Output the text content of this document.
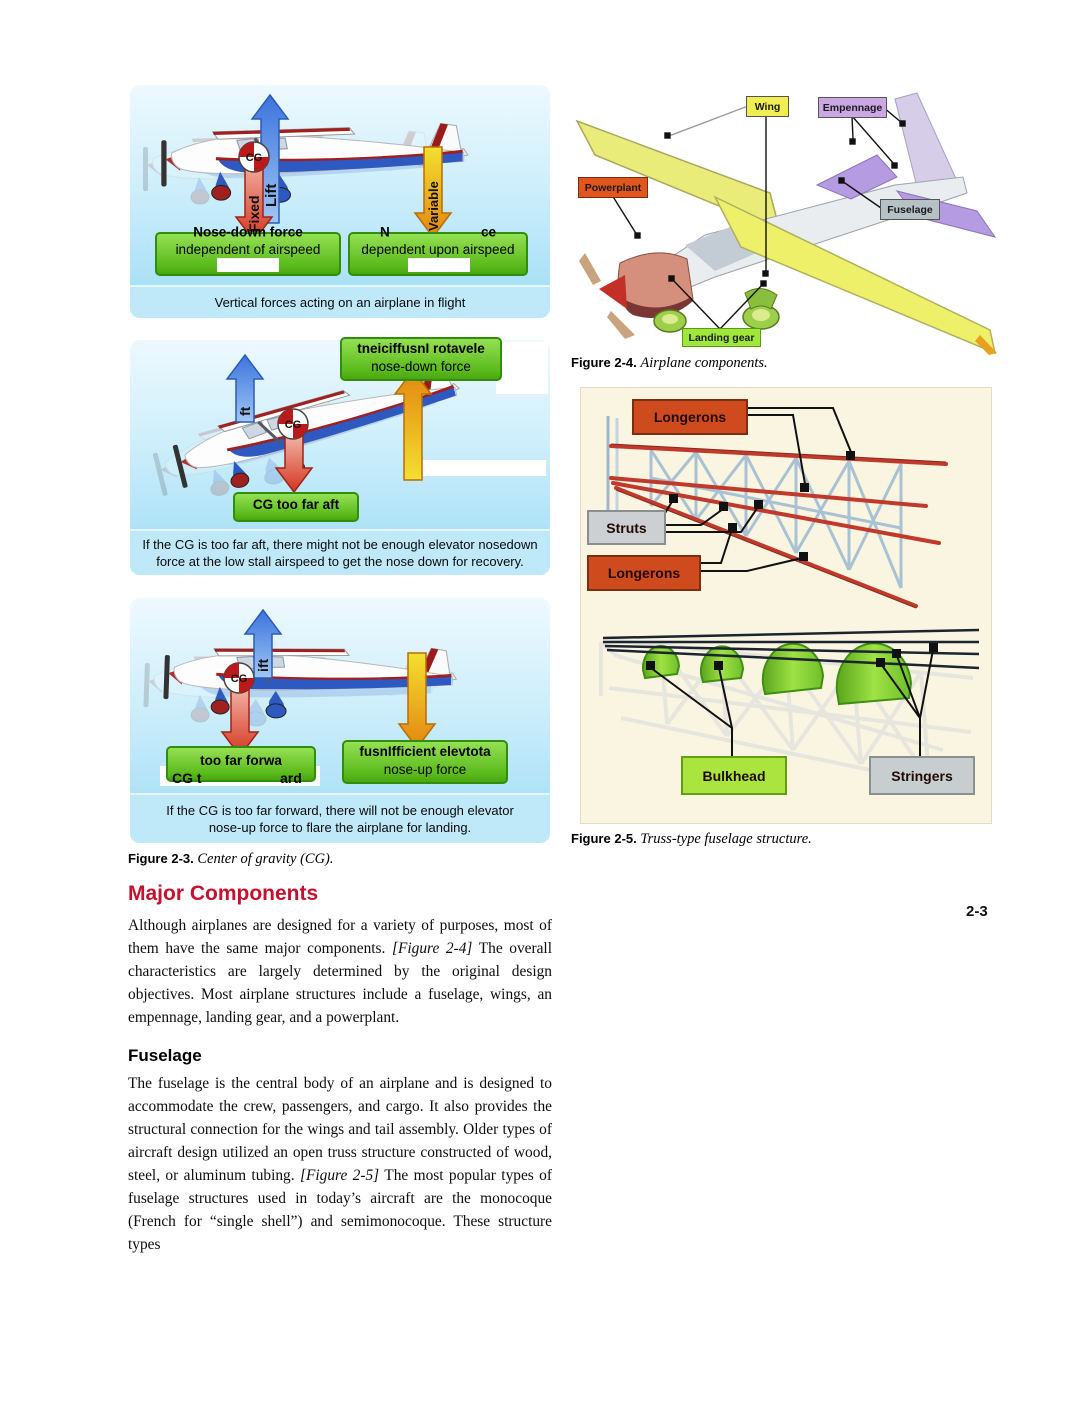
Lift
Fixed	Variable
CG
Nose-down force
independent of airspeed
N	ce
dependent upon airspeed
Vertical forces acting on an airplane in flight
ft
CG
tneiciffusnI rotavele
nose-down force
CG too far aft
If the CG is too far aft, there might not be enough elevator nosedown
force at the low stall airspeed to get the nose down for recovery.
ift
CG
too far forwa
CG t	ard
fusnIfficient elevtota
nose-up force
If the CG is too far forward, there will not be enough elevator
nose-up force to flare the airplane for landing.
Figure 2-3. Center of gravity (CG).
Wing	Empennage
Powerplant
Fuselage
Landing gear
Figure 2-4. Airplane components.
Longerons
Struts
Longerons
Bulkhead	Stringers
Figure 2-5. Truss-type fuselage structure.
Major Components
Although airplanes are designed for a variety of purposes, most of them have the same major components. [Figure 2-4] The overall characteristics are largely determined by the original design objectives. Most airplane structures include a fuselage, wings, an empennage, landing gear, and a powerplant.
Fuselage
The fuselage is the central body of an airplane and is designed to accommodate the crew, passengers, and cargo. It also provides the structural connection for the wings and tail assembly. Older types of aircraft design utilized an open truss structure constructed of wood, steel, or aluminum tubing. [Figure 2-5] The most popular types of fuselage structures used in today’s aircraft are the monocoque (French for “single shell”) and semimonocoque. These structure types
2-3
